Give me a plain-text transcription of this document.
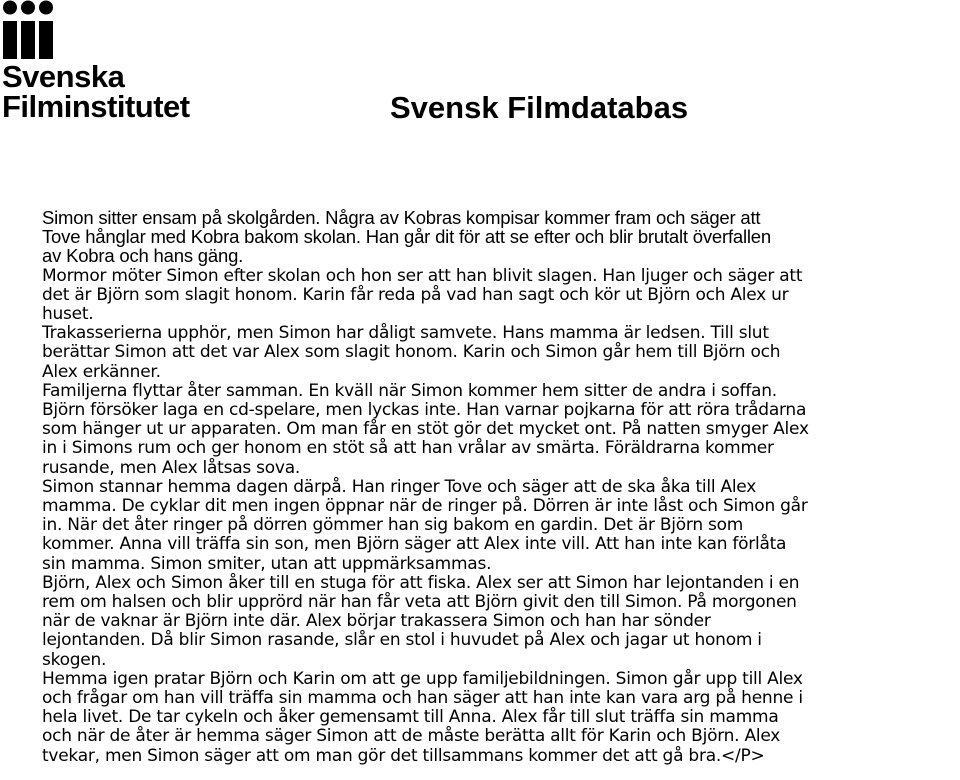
Svenska
Filminstitutet	Svensk Filmdatabas

Simon sitter ensam på skolgården. Några av Kobras kompisar kommer fram och säger att

Tove hånglar med Kobra bakom skolan. Han går dit för att se efter och blir brutalt överfallen

av Kobra och hans gäng.

Mormor möter Simon efter skolan och hon ser att han blivit slagen. Han ljuger och säger att

det är Björn som slagit honom. Karin får reda på vad han sagt och kör ut Björn och Alex ur

huset.

Trakasserierna upphör, men Simon har dåligt samvete. Hans mamma är ledsen. Till slut

berättar Simon att det var Alex som slagit honom. Karin och Simon går hem till Björn och

Alex erkänner.

Familjerna flyttar åter samman. En kväll när Simon kommer hem sitter de andra i soffan.

Björn försöker laga en cd-spelare, men lyckas inte. Han varnar pojkarna för att röra trådarna

som hänger ut ur apparaten. Om man får en stöt gör det mycket ont. På natten smyger Alex

in i Simons rum och ger honom en stöt så att han vrålar av smärta. Föräldrarna kommer

rusande, men Alex låtsas sova.

Simon stannar hemma dagen därpå. Han ringer Tove och säger att de ska åka till Alex

mamma. De cyklar dit men ingen öppnar när de ringer på. Dörren är inte låst och Simon går

in. När det åter ringer på dörren gömmer han sig bakom en gardin. Det är Björn som

kommer. Anna vill träffa sin son, men Björn säger att Alex inte vill. Att han inte kan förlåta

sin mamma. Simon smiter, utan att uppmärksammas.

Björn, Alex och Simon åker till en stuga för att fiska. Alex ser att Simon har lejontanden i en

rem om halsen och blir upprörd när han får veta att Björn givit den till Simon. På morgonen

när de vaknar är Björn inte där. Alex börjar trakassera Simon och han har sönder

lejontanden. Då blir Simon rasande, slår en stol i huvudet på Alex och jagar ut honom i

skogen.

Hemma igen pratar Björn och Karin om att ge upp familjebildningen. Simon går upp till Alex

och frågar om han vill träffa sin mamma och han säger att han inte kan vara arg på henne i

hela livet. De tar cykeln och åker gemensamt till Anna. Alex får till slut träffa sin mamma

och när de åter är hemma säger Simon att de måste berätta allt för Karin och Björn. Alex

tvekar, men Simon säger att om man gör det tillsammans kommer det att gå bra.</P>
